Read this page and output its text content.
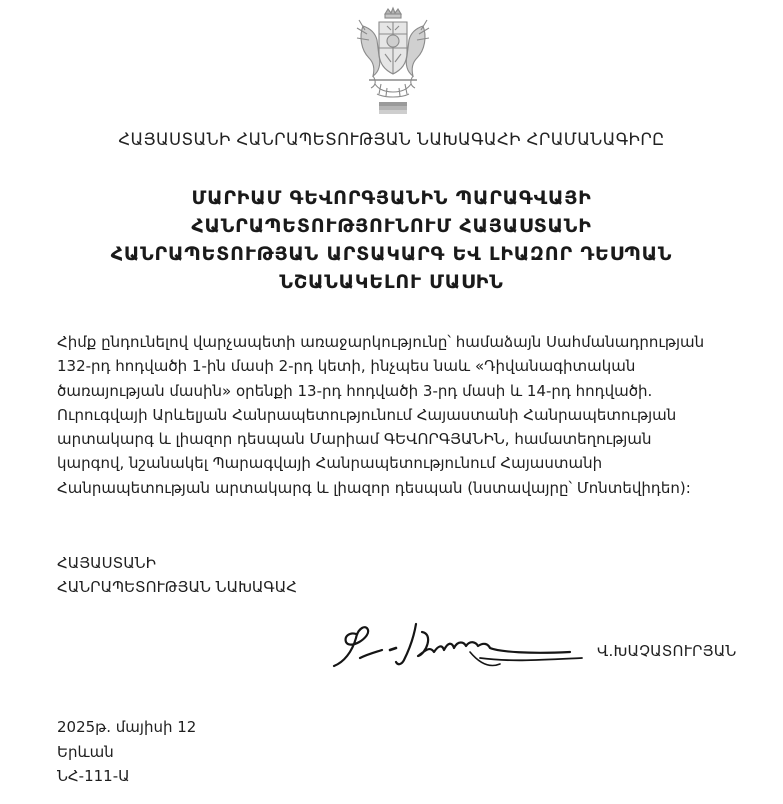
ՀԱՅԱՍՏԱՆԻ ՀԱՆՐԱՊԵՏՈՒԹՅԱՆ ՆԱԽԱԳԱՀԻ ՀՐԱՄԱՆԱԳԻՐԸ
ՄԱՐԻԱՄ ԳԵՎՈՐԳՅԱՆԻՆ ՊԱՐԱԳՎԱՅԻ
ՀԱՆՐԱՊԵՏՈՒԹՅՈՒՆՈՒՄ ՀԱՅԱՍՏԱՆԻ
ՀԱՆՐԱՊԵՏՈՒԹՅԱՆ ԱՐՏԱԿԱՐԳ ԵՎ ԼԻԱԶՈՐ ԴԵՍՊԱՆ
ՆՇԱՆԱԿԵԼՈՒ ՄԱՍԻՆ
Հիմք ընդունելով վարչապետի առաջարկությունը՝ համաձայն Սահմանադրության
132-րդ հոդվածի 1-ին մասի 2-րդ կետի, ինչպես նաև «Դիվանագիտական
ծառայության մասին» օրենքի 13-րդ հոդվածի 3-րդ մասի և 14-րդ հոդվածի.
Ուրուգվայի Արևելյան Հանրապետությունում Հայաստանի Հանրապետության
արտակարգ և լիազոր դեսպան Մարիամ ԳԵՎՈՐԳՅԱՆԻՆ, համատեղության
կարգով, նշանակել Պարագվայի Հանրապետությունում Հայաստանի
Հանրապետության արտակարգ և լիազոր դեսպան (նստավայրը՝ Մոնտեվիդեո):
ՀԱՅԱՍՏԱՆԻ
ՀԱՆՐԱՊԵՏՈՒԹՅԱՆ ՆԱԽԱԳԱՀ
Վ.ԽԱՉԱՏՈՒՐՅԱՆ
2025թ. մայիսի 12
Երևան
ՆՀ-111-Ա
